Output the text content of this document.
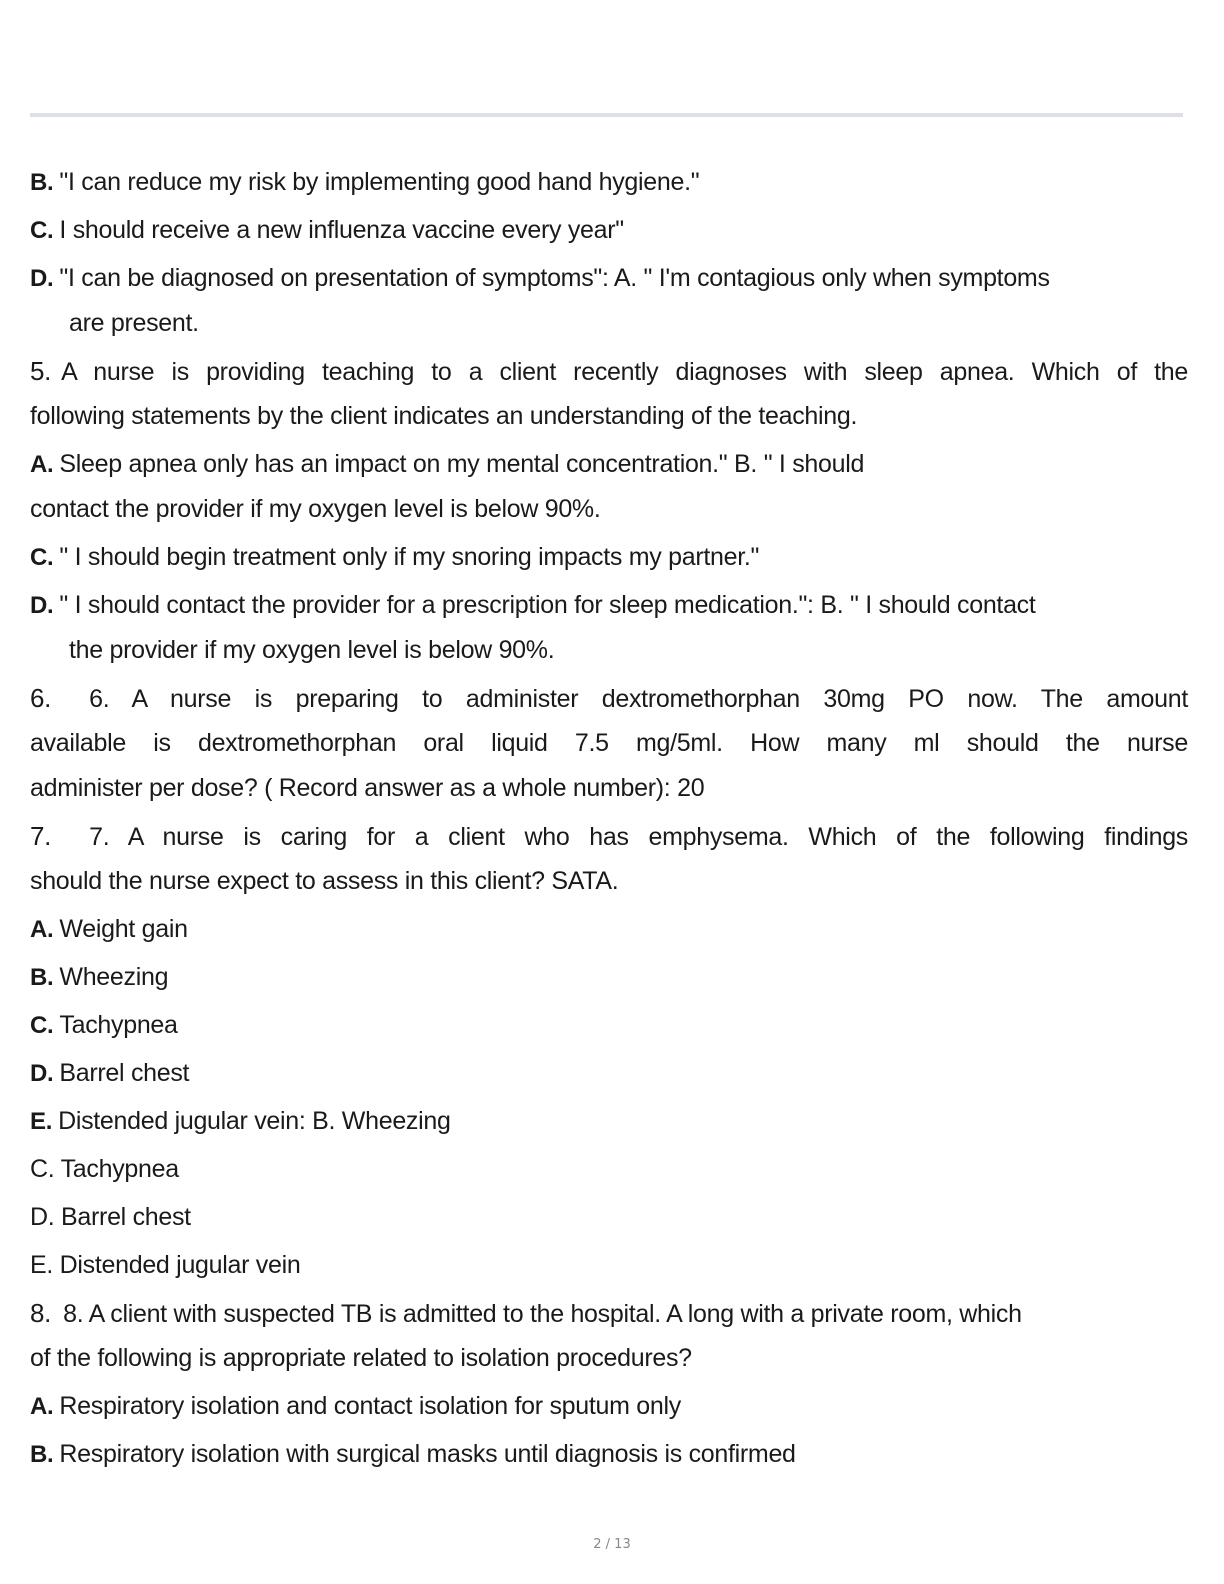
B. "I can reduce my risk by implementing good hand hygiene."
C. I should receive a new influenza vaccine every year"
D. "I can be diagnosed on presentation of symptoms": A. " I'm contagious only when symptoms
are present.
5. A nurse is providing teaching to a client recently diagnoses with sleep apnea. Which of the
following statements by the client indicates an understanding of the teaching.
A. Sleep apnea only has an impact on my mental concentration." B. " I should
contact the provider if my oxygen level is below 90%.
C. " I should begin treatment only if my snoring impacts my partner."
D. " I should contact the provider for a prescription for sleep medication.": B. " I should contact
the provider if my oxygen level is below 90%.
6. 6. A nurse is preparing to administer dextromethorphan 30mg PO now. The amount
available is dextromethorphan oral liquid 7.5 mg/5ml. How many ml should the nurse
administer per dose? ( Record answer as a whole number): 20
7. 7. A nurse is caring for a client who has emphysema. Which of the following findings
should the nurse expect to assess in this client? SATA.
A. Weight gain
B. Wheezing
C. Tachypnea
D. Barrel chest
E. Distended jugular vein: B. Wheezing
C. Tachypnea
D. Barrel chest
E. Distended jugular vein
8. 8. A client with suspected TB is admitted to the hospital. A long with a private room, which
of the following is appropriate related to isolation procedures?
A. Respiratory isolation and contact isolation for sputum only
B. Respiratory isolation with surgical masks until diagnosis is confirmed
2 / 13
